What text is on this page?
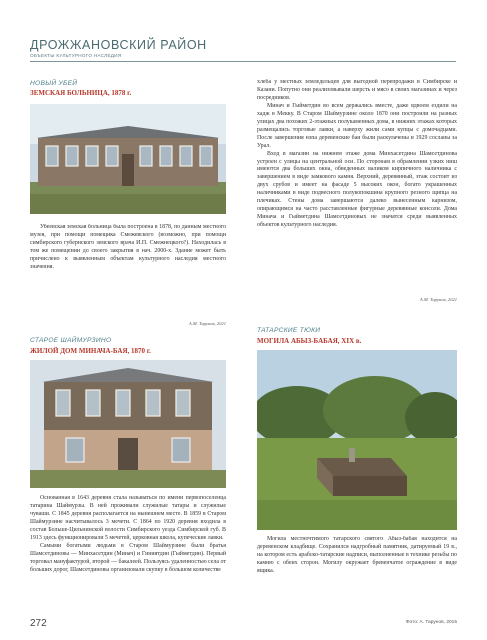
ДРОЖЖАНОВСКИЙ РАЙОН
ОБЪЕКТЫ КУЛЬТУРНОГО НАСЛЕДИЯ
НОВЫЙ УБЕЙ
ЗЕМСКАЯ БОЛЬНИЦА, 1878 г.

Убеевская земская больница была построена в 1878, по данным местного музея, при помощи помещика Смежевского (возможно, при помощи симбирского губернского земского врача И.П. Смежнецкого?). Находилась в том же помещении до своего закрытия в нач. 2000-х. Здание может быть причислено к выявленным объектам культурного наследия местного значения.

А.М. Тарунов, 2021
СТАРОЕ ШАЙМУРЗИНО
ЖИЛОЙ ДОМ МИНАЧА-БАЯ, 1870 г.

Основанная в 1643 деревня стала называться по имени первопоселенца татарина Шаймурзы. В ней проживали служилые татары и служилые чуваши. С 1845 деревня располагается на нынешнем месте. В 1859 в Старом Шаймурзине насчитывалось 3 мечети. С 1864 по 1920 деревня входила в состав Больше-Цильнинской волости Симбирского уезда Симбирской губ. В 1913 здесь функционировали 5 мечетей, церковная школа, купеческие лавки.

Самыми богатыми людьми в Старом Шаймурзине были братья Шамсетдиновы — Минхасетдин (Минач) и Гиниятдин (Гыйметдин). Первый торговал мануфактурой, второй — бакалеей. Пользуясь удаленностью села от больших дорог, Шамсетдиновы организовали скупку в большом количестве

хлеба у местных земледельцев для выгодной перепродажи в Симбирске и Казани. Попутно они реализовывали шерсть и мясо в своих магазинах и через посредников.

Минач и Гыйметдин во всем держались вместе, даже вдвоем ездили на хадж в Мекку. В Старом Шаймурзине около 1870 они построили на разных улицах два похожих 2-этажных полукаменных дома, в нижних этажах которых размещались торговые лавки, а наверху жили сами купцы с домочадцами. После завершения нэпа деревенские баи были раскулачены и 1929 сосланы за Урал.

Вход в магазин на нижнем этаже дома Минхасетдина Шамсетдинова устроен с улицы на центральной оси. По сторонам в обрамлении узких ниш имеются два больших окна, обведенных валиком кирпичного наличника с завершением в виде замкового камня. Верхний, деревянный, этаж состоит из двух срубов и имеет на фасаде 5 высоких окон, богато украшенных наличниками в виде подвесного полукопокшина крупного резного щипца на плечиках. Стены дома завершаются далеко вынесенным карнизом, опирающимся на часто расставленные фигурные деревянные консоли. Дома Минача и Гыйметдина Шамсетдиновых не значатся среди выявленных объектов культурного наследия.

А.М. Тарунов, 2021
ТАТАРСКИЕ ТЮКИ
МОГИЛА АБЫЗ-БАБАЯ, XIX в.

Могила местночтимого татарского святого Абыз-бабая находится на деревенском кладбище. Сохранился надгробный памятник, датируемый 19 в., на котором есть арабско-татарские надписи, выполненные в технике резьбы по камню с обеих сторон. Могилу окружает бревенчатое ограждение в виде ящика.

272	Фото: А. Тарунов, 2015
